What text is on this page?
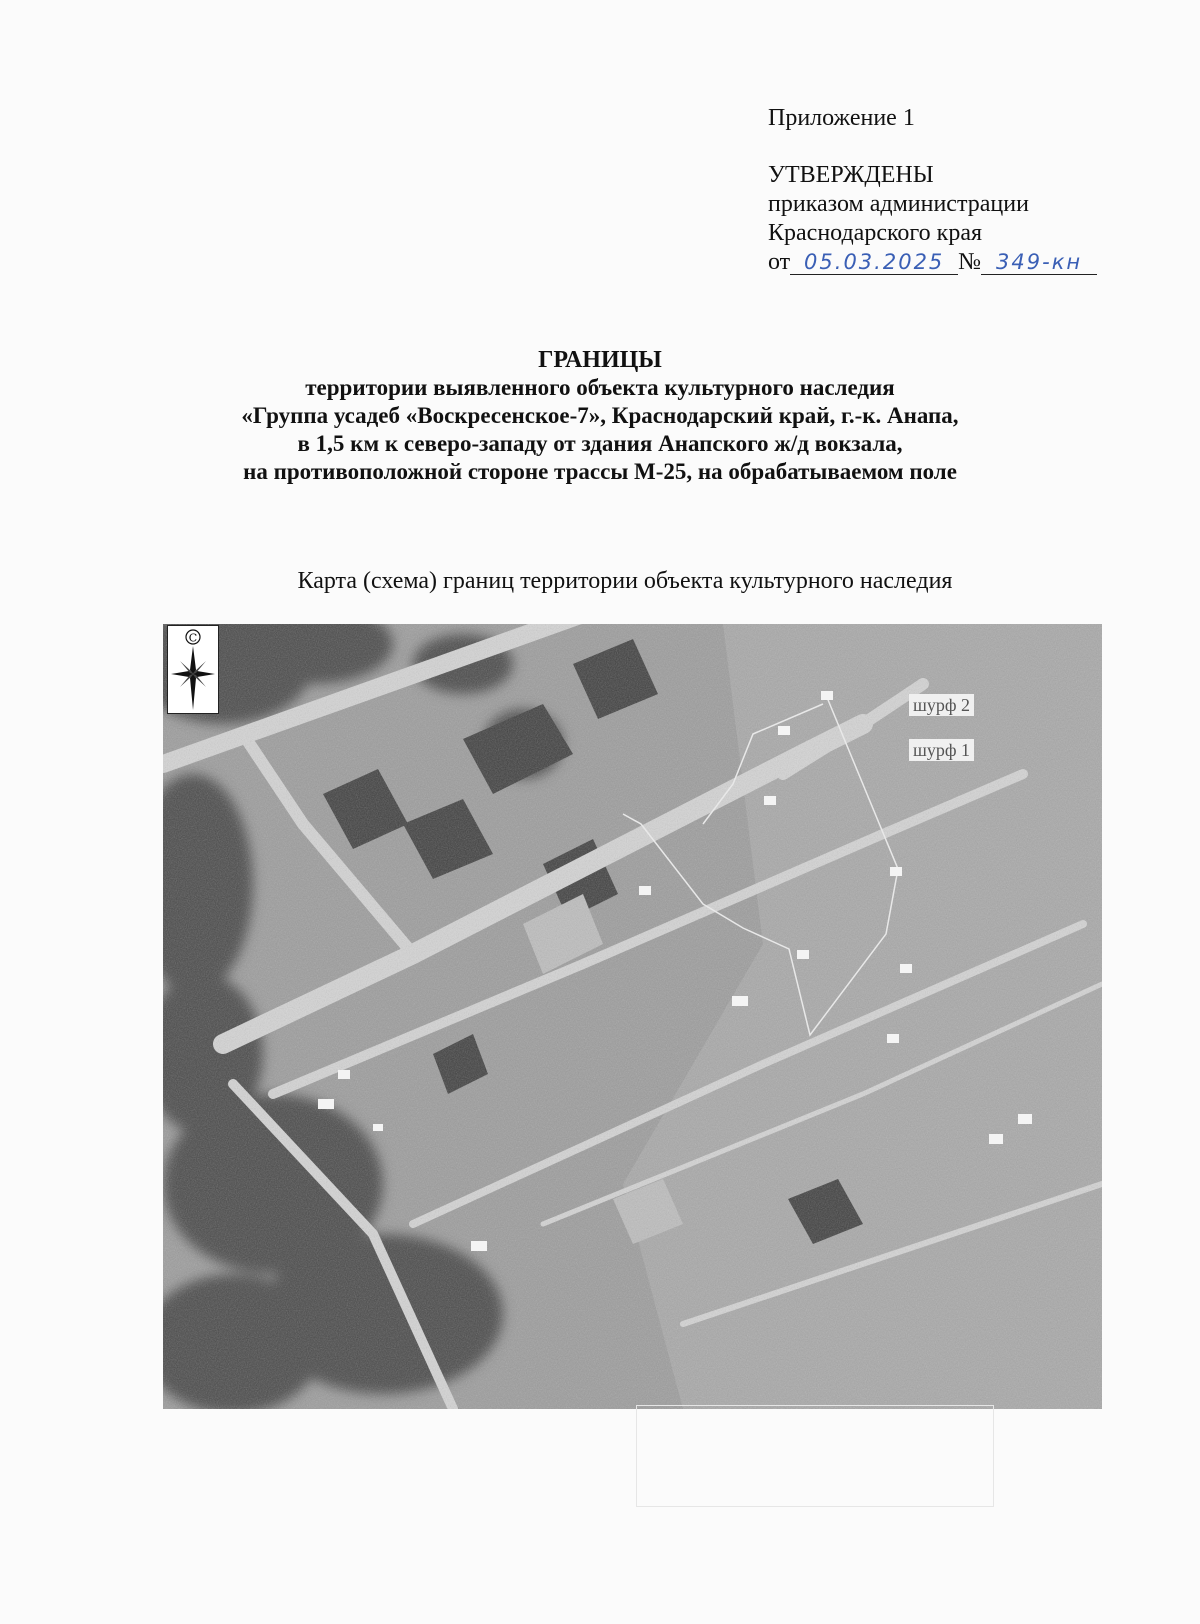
Приложение 1
УТВЕРЖДЕНЫ
приказом администрации
Краснодарского края
от 05.03.2025 № 349-кн
ГРАНИЦЫ
территории выявленного объекта культурного наследия
«Группа усадеб «Воскресенское-7», Краснодарский край, г.-к. Анапа,
в 1,5 км к северо-западу от здания Анапского ж/д вокзала,
на противоположной стороне трассы М-25, на обрабатываемом поле
Карта (схема) границ территории объекта культурного наследия
шурф 2
шурф 1
С
